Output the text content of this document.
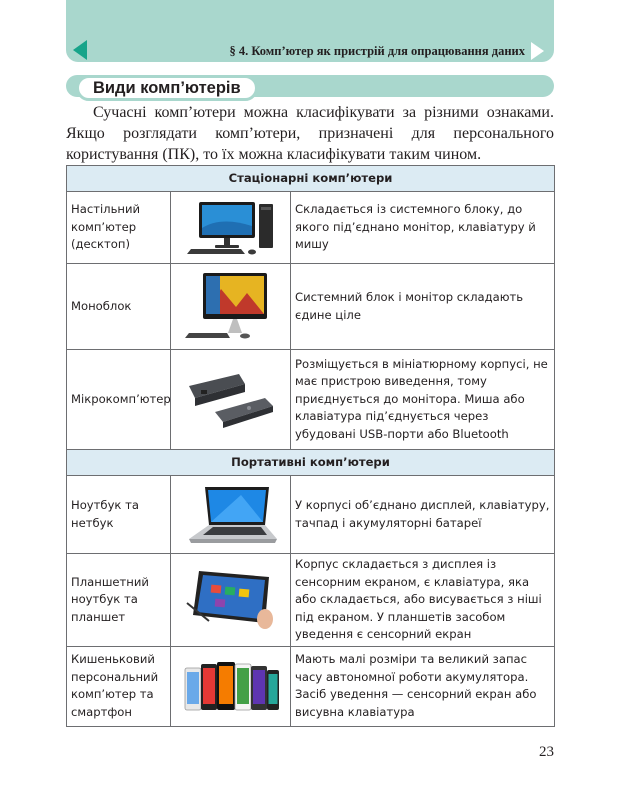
§ 4. Комп’ютер як пристрій для опрацювання даних
Види комп’ютерів

Сучасні комп’ютери можна класифікувати за різними ознаками. Якщо розглядати комп’ютери, призначені для персонального користування (ПК), то їх можна класифікувати таким чином.

Стаціонарні комп’ютери		
Настільний комп’ютер (десктоп)		Складається із системного блоку, до якого під’єднано монітор, клавіатуру й мишу
Моноблок		Системний блок і монітор складають єдине ціле
Мікрокомп’ютер		Розміщується в мініатюрному корпусі, не має пристрою виведення, тому приєднується до монітора. Миша або клавіатура під’єднується через убудовані USB-порти або Bluetooth
Портативні комп’ютери		
Ноутбук та нетбук		У корпусі об’єднано дисплей, клавіатуру, тачпад і акумуляторні батареї
Планшетний ноутбук та планшет		Корпус складається з дисплея із сенсорним екраном, є клавіатура, яка або складається, або висувається з ніші під екраном. У планшетів засобом уведення є сенсорний екран
Кишеньковий персональний комп’ютер та смартфон		Мають малі розміри та великий запас часу автономної роботи акумулятора. Засіб уведення — сенсорний екран або висувна клавіатура
23
